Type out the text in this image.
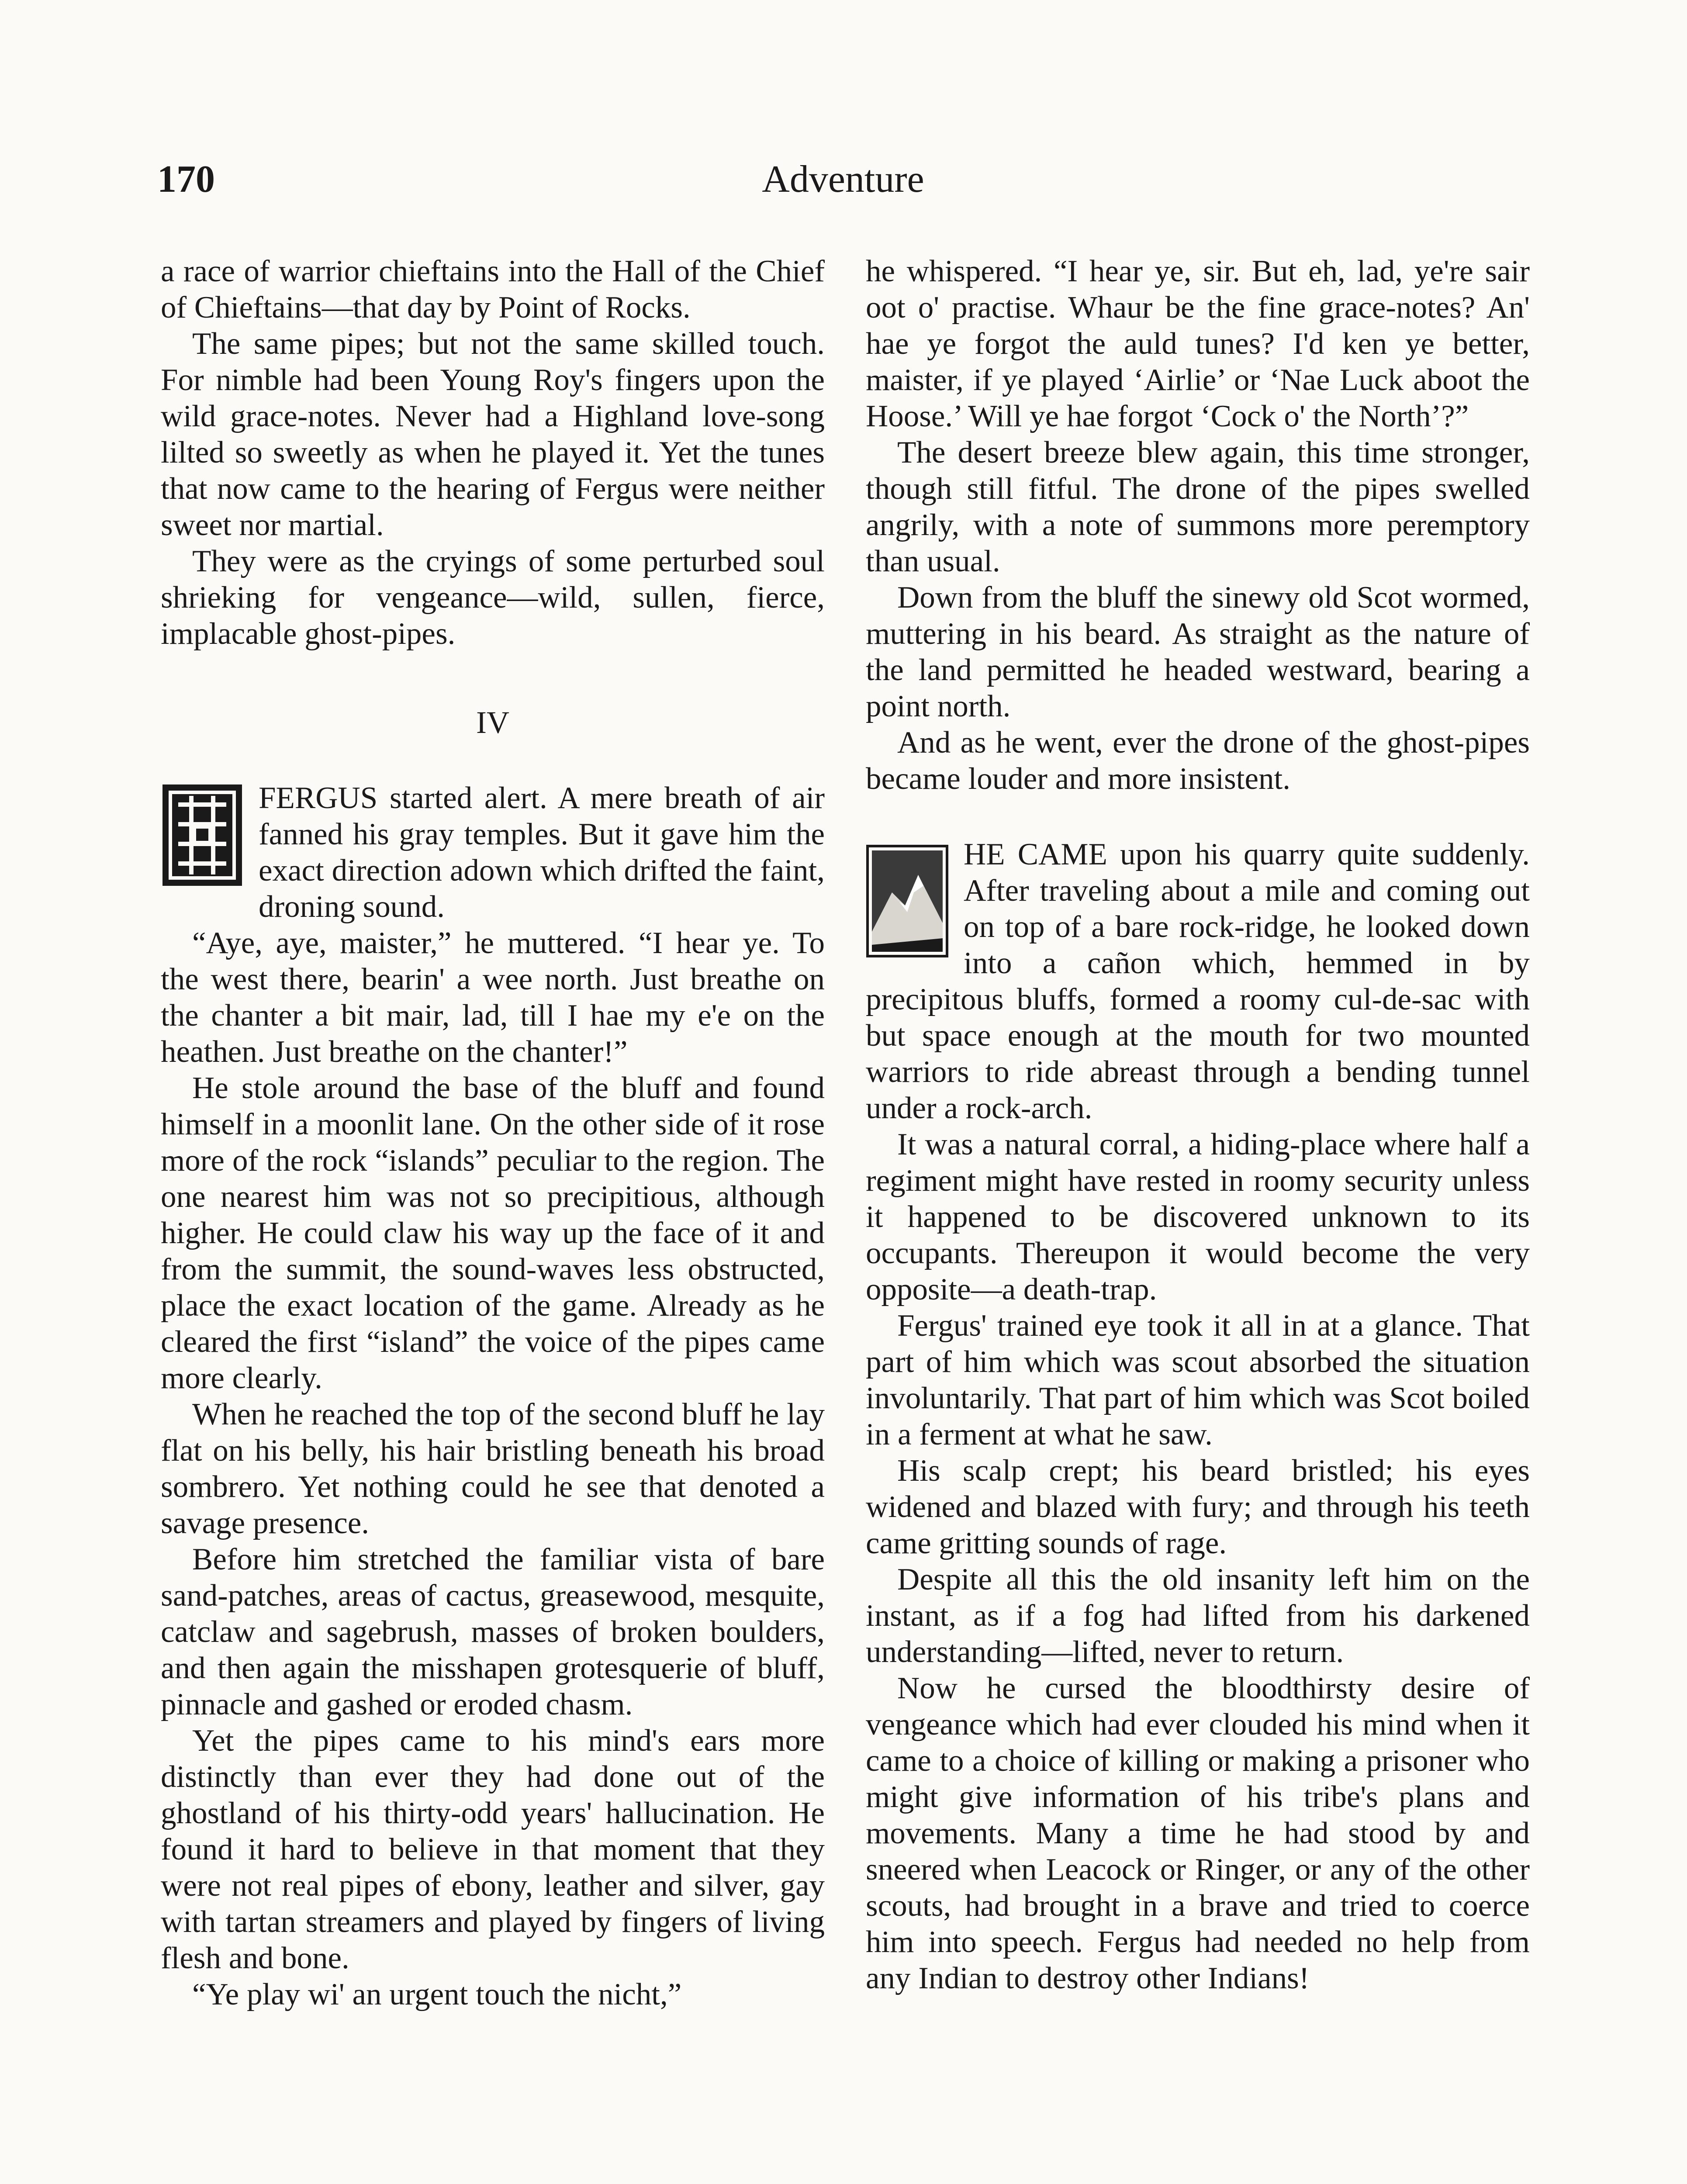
170	Adventure

a race of warrior chieftains into the Hall of the Chief of Chieftains—that day by Point of Rocks.

The same pipes; but not the same skilled touch. For nimble had been Young Roy's fingers upon the wild grace-notes. Never had a Highland love-song lilted so sweetly as when he played it. Yet the tunes that now came to the hearing of Fergus were neither sweet nor martial.

They were as the cryings of some perturbed soul shrieking for vengeance—wild, sullen, fierce, implacable ghost-pipes.

IV

FERGUS started alert. A mere breath of air fanned his gray temples. But it gave him the exact direction adown which drifted the faint, droning sound.

“Aye, aye, maister,” he muttered. “I hear ye. To the west there, bearin' a wee north. Just breathe on the chanter a bit mair, lad, till I hae my e'e on the heathen. Just breathe on the chanter!”

He stole around the base of the bluff and found himself in a moonlit lane. On the other side of it rose more of the rock “islands” peculiar to the region. The one nearest him was not so precipitious, although higher. He could claw his way up the face of it and from the summit, the sound-waves less obstructed, place the exact location of the game. Already as he cleared the first “island” the voice of the pipes came more clearly.

When he reached the top of the second bluff he lay flat on his belly, his hair bristling beneath his broad sombrero. Yet nothing could he see that denoted a savage presence.

Before him stretched the familiar vista of bare sand-patches, areas of cactus, greasewood, mesquite, catclaw and sagebrush, masses of broken boulders, and then again the misshapen grotesquerie of bluff, pinnacle and gashed or eroded chasm.

Yet the pipes came to his mind's ears more distinctly than ever they had done out of the ghostland of his thirty-odd years' hallucination. He found it hard to believe in that moment that they were not real pipes of ebony, leather and silver, gay with tartan streamers and played by fingers of living flesh and bone.

“Ye play wi' an urgent touch the nicht,”

he whispered. “I hear ye, sir. But eh, lad, ye're sair oot o' practise. Whaur be the fine grace-notes? An' hae ye forgot the auld tunes? I'd ken ye better, maister, if ye played ‘Airlie’ or ‘Nae Luck aboot the Hoose.’ Will ye hae forgot ‘Cock o' the North’?”

The desert breeze blew again, this time stronger, though still fitful. The drone of the pipes swelled angrily, with a note of summons more peremptory than usual.

Down from the bluff the sinewy old Scot wormed, muttering in his beard. As straight as the nature of the land permitted he headed westward, bearing a point north.

And as he went, ever the drone of the ghost-pipes became louder and more insistent.

HE CAME upon his quarry quite suddenly. After traveling about a mile and coming out on top of a bare rock-ridge, he looked down into a cañon which, hemmed in by precipitous bluffs, formed a roomy cul-de-sac with but space enough at the mouth for two mounted warriors to ride abreast through a bending tunnel under a rock-arch.

It was a natural corral, a hiding-place where half a regiment might have rested in roomy security unless it happened to be discovered unknown to its occupants. Thereupon it would become the very opposite—a death-trap.

Fergus' trained eye took it all in at a glance. That part of him which was scout absorbed the situation involuntarily. That part of him which was Scot boiled in a ferment at what he saw.

His scalp crept; his beard bristled; his eyes widened and blazed with fury; and through his teeth came gritting sounds of rage.

Despite all this the old insanity left him on the instant, as if a fog had lifted from his darkened understanding—lifted, never to return.

Now he cursed the bloodthirsty desire of vengeance which had ever clouded his mind when it came to a choice of killing or making a prisoner who might give information of his tribe's plans and movements. Many a time he had stood by and sneered when Leacock or Ringer, or any of the other scouts, had brought in a brave and tried to coerce him into speech. Fergus had needed no help from any Indian to destroy other Indians!
